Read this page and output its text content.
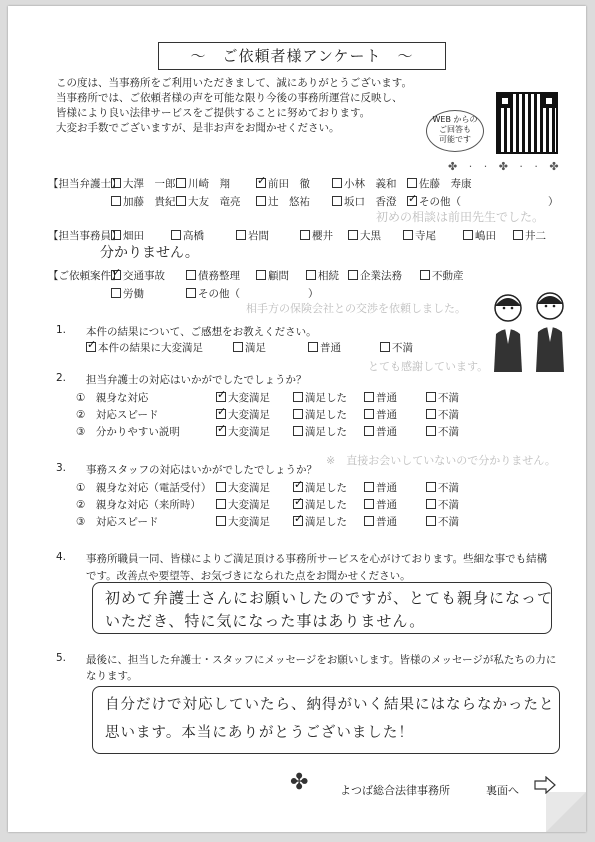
～　ご依頼者様アンケート　～
この度は、当事務所をご利用いただきまして、誠にありがとうございます。
当事務所では、ご依頼者様の声を可能な限り今後の事務所運営に反映し、
皆様により良い法律サービスをご提供することに努めております。
大変お手数でございますが、是非お声をお聞かせください。
WEB からの
ご回答も
可能です
✤ · · ✤ · · ✤
【担当弁護士】 大澤　一郎	川崎　翔 ✓	前田　徹	小林　義和	佐藤　寿康
加藤　貴紀	大友　竜亮	辻　悠祐	坂口　香澄 ✓	その他（	）
初めの相談は前田先生でした。
【担当事務員】 畑田	高橋	岩間	櫻井	大黒	寺尾	嶋田	井二
分かりません。
【ご依頼案件】 ✓ 交通事故	債務整理	顧問	相続	企業法務	不動産
労働	その他（	）
相手方の保険会社との交渉を依頼しました。
1. 本件の結果について、ご感想をお教えください。
✓本件の結果に大変満足	満足	普通	不満
とても感謝しています。
2. 担当弁護士の対応はいかがでしたでしょうか？
①　親身な対応 ✓	大変満足	満足した	普通	不満
②　対応スピード ✓	大変満足	満足した	普通	不満
③　分かりやすい説明 ✓	大変満足	満足した	普通	不満
3. 事務スタッフの対応はいかがでしたでしょうか？
※　直接お会いしていないので分かりません。
①　親身な対応（電話受付）	大変満足 ✓	満足した	普通	不満
②　親身な対応（来所時）	大変満足 ✓	満足した	普通	不満
③　対応スピード	大変満足 ✓	満足した	普通	不満
4. 事務所職員一同、皆様によりご満足頂ける事務所サービスを心がけております。些細な事でも結構
です。改善点や要望等、お気づきになられた点をお聞かせください。
初めて弁護士さんにお願いしたのですが、とても親身になって
いただき、特に気になった事はありません。
5. 最後に、担当した弁護士・スタッフにメッセージをお願いします。皆様のメッセージが私たちの力に
なります。
自分だけで対応していたら、納得がいく結果にはならなかったと
思います。本当にありがとうございました！
✤	よつば総合法律事務所	裏面へ
